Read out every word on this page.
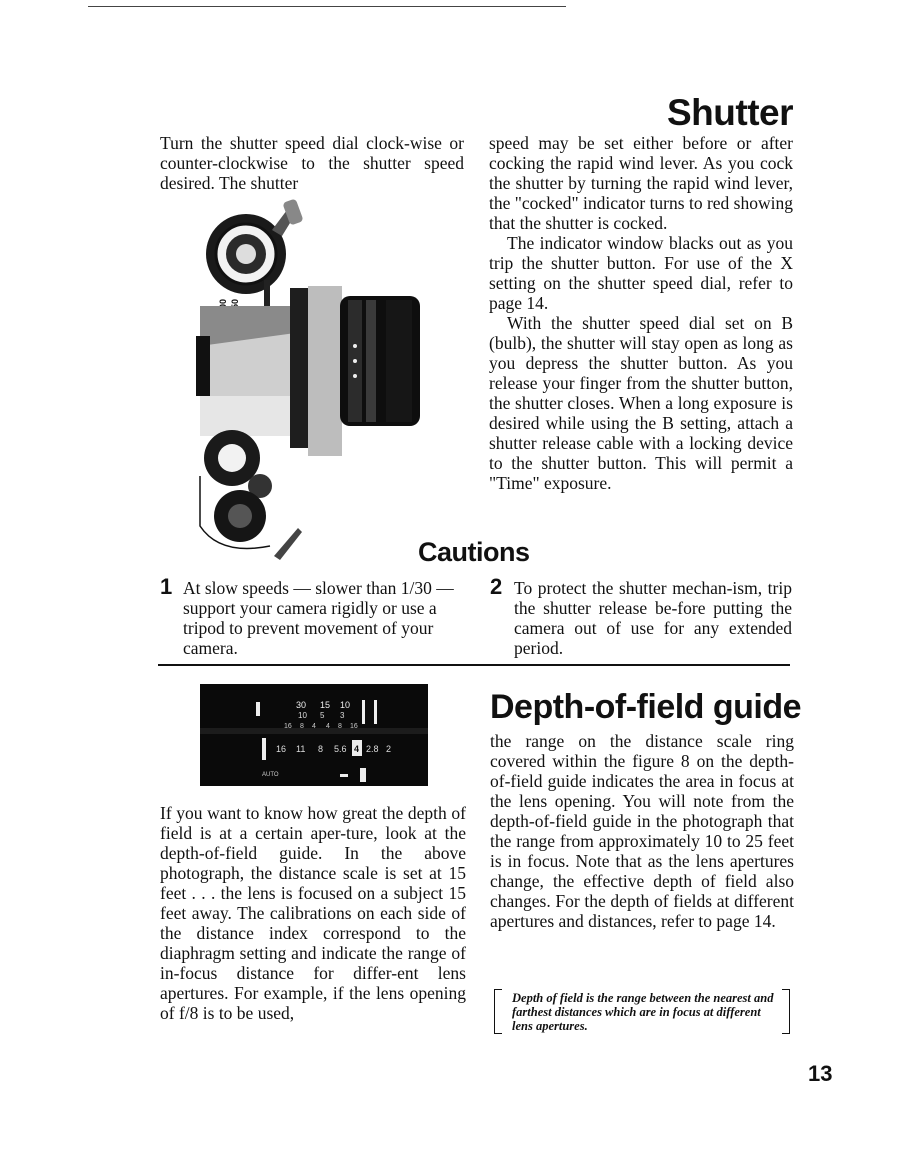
Shutter

Turn the shutter speed dial clock-wise or counter-clockwise to the shutter speed desired. The shutter

speed may be set either before or after cocking the rapid wind lever. As you cock the shutter by turning the rapid wind lever, the "cocked" indicator turns to red showing that the shutter is cocked.

The indicator window blacks out as you trip the shutter button. For use of the X setting on the shutter speed dial, refer to page 14.

With the shutter speed dial set on B (bulb), the shutter will stay open as long as you depress the shutter button. As you release your finger from the shutter button, the shutter closes. When a long exposure is desired while using the B setting, attach a shutter release cable with a locking device to the shutter button. This will permit a "Time" exposure.

Cautions
1 At slow speeds — slower than 1/30 — support your camera rigidly or use a tripod to prevent movement of your camera.

2 To protect the shutter mechan-ism, trip the shutter release be-fore putting the camera out of use for any extended period.

30 15 10
10 5 3
16 8 4 4 8 16
16 11 8 5.6 4 2.8 2
AUTO
Depth-of-field guide

If you want to know how great the depth of field is at a certain aper-ture, look at the depth-of-field guide. In the above photograph, the distance scale is set at 15 feet . . . the lens is focused on a subject 15 feet away. The calibrations on each side of the distance index correspond to the diaphragm setting and indicate the range of in-focus distance for differ-ent lens apertures. For example, if the lens opening of f/8 is to be used,

the range on the distance scale ring covered within the figure 8 on the depth-of-field guide indicates the area in focus at the lens opening. You will note from the depth-of-field guide in the photograph that the range from approximately 10 to 25 feet is in focus. Note that as the lens apertures change, the effective depth of field also changes. For the depth of fields at different apertures and distances, refer to page 14.

Depth of field is the range between the nearest and farthest distances which are in focus at different lens apertures.
13
